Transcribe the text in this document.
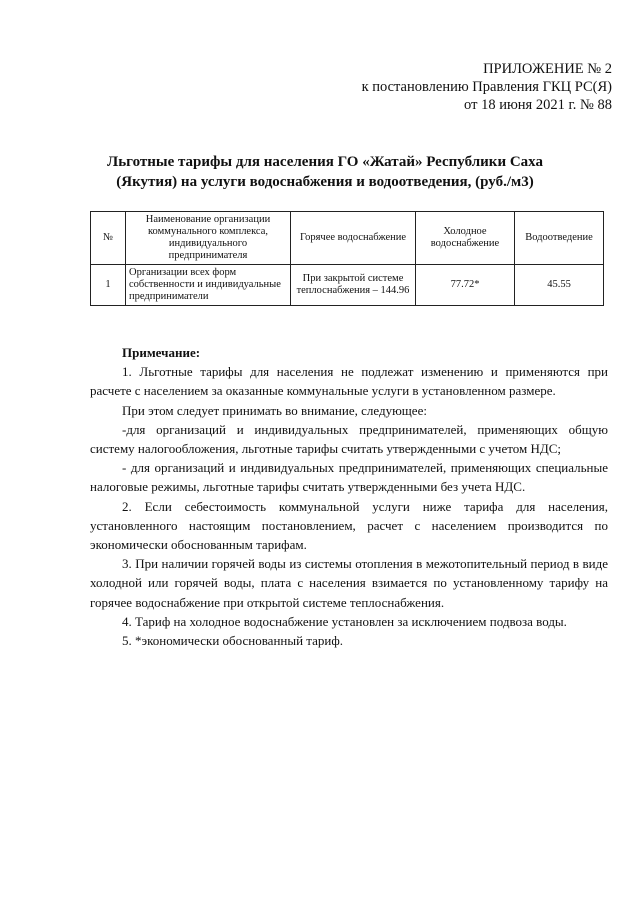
ПРИЛОЖЕНИЕ № 2
к постановлению Правления ГКЦ РС(Я)
от 18 июня 2021 г. № 88
Льготные тарифы для населения ГО «Жатай» Республики Саха
(Якутия) на услуги водоснабжения и водоотведения, (руб./м3)
№	Наименование организации коммунального комплекса, индивидуального предпринимателя	Горячее водоснабжение	Холодное водоснабжение	Водоотведение
1	Организации всех форм собственности и индивидуальные предприниматели	При закрытой системе теплоснабжения – 144.96	77.72*	45.55

Примечание:

1. Льготные тарифы для населения не подлежат изменению и применяются при расчете с населением за оказанные коммунальные услуги в установленном размере.

При этом следует принимать во внимание, следующее:

-для организаций и индивидуальных предпринимателей, применяющих общую систему налогообложения, льготные тарифы считать утвержденными с учетом НДС;

- для организаций и индивидуальных предпринимателей, применяющих специальные налоговые режимы, льготные тарифы считать утвержденными без учета НДС.

2. Если себестоимость коммунальной услуги ниже тарифа для населения, установленного настоящим постановлением, расчет с населением производится по экономически обоснованным тарифам.

3. При наличии горячей воды из системы отопления в межотопительный период в виде холодной или горячей воды, плата с населения взимается по установленному тарифу на горячее водоснабжение при открытой системе теплоснабжения.

4. Тариф на холодное водоснабжение установлен за исключением подвоза воды.

5. *экономически обоснованный тариф.
